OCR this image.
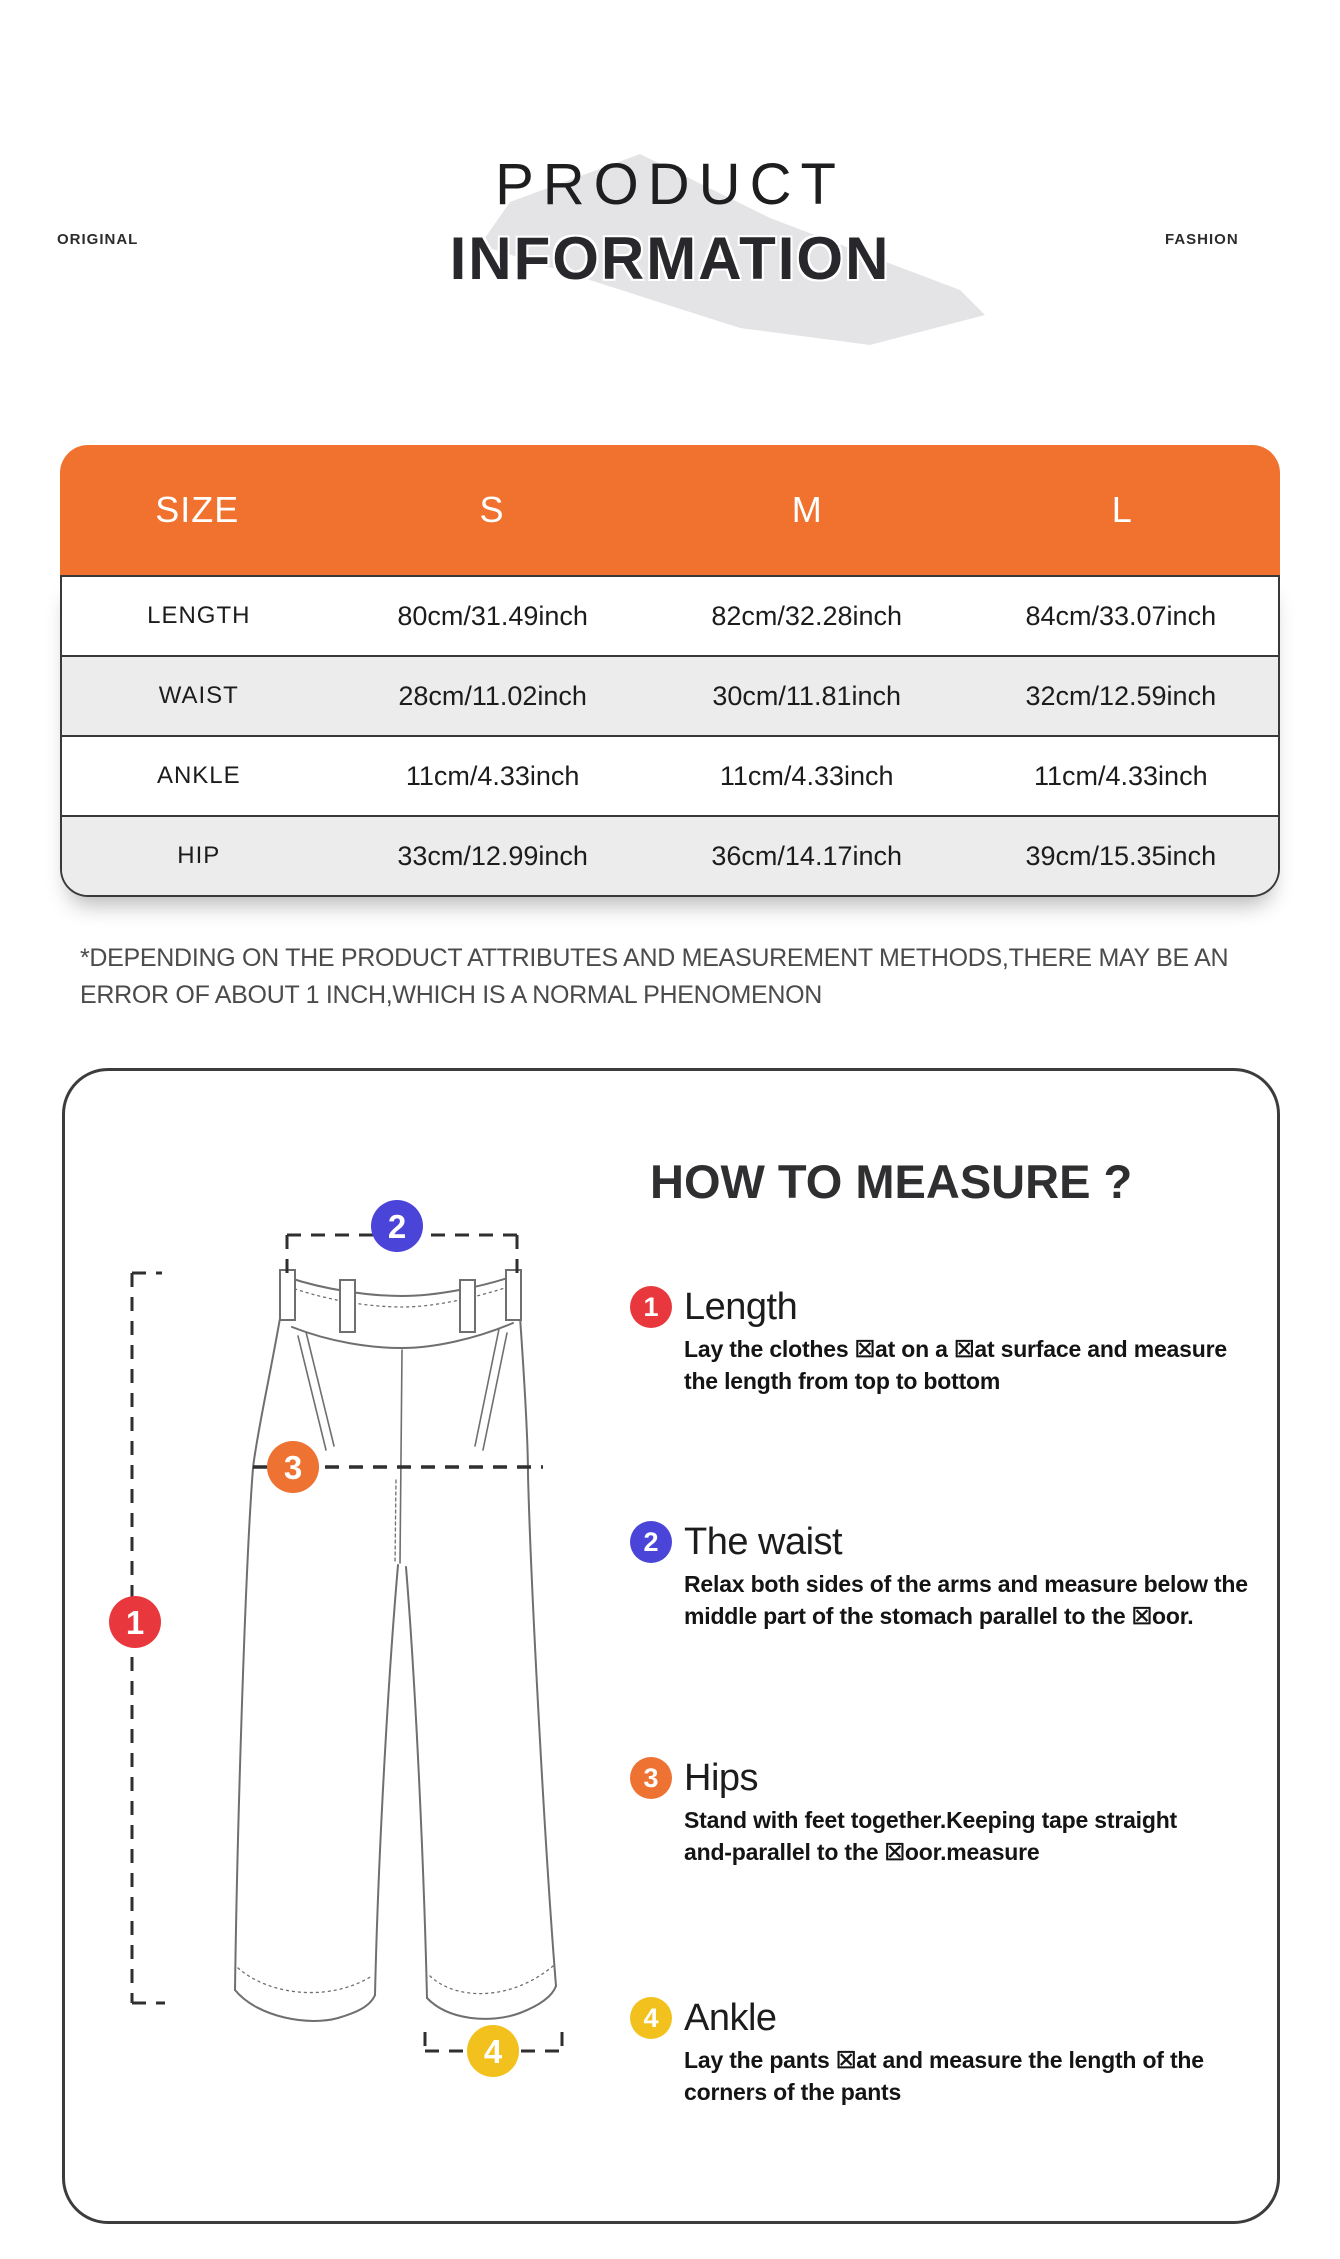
ORIGINAL	FASHION
PRODUCT
INFORMATION
SIZE	S	M	L
LENGTH	80cm/31.49inch	82cm/32.28inch	84cm/33.07inch
WAIST	28cm/11.02inch	30cm/11.81inch	32cm/12.59inch
ANKLE	11cm/4.33inch	11cm/4.33inch	11cm/4.33inch
HIP	33cm/12.99inch	36cm/14.17inch	39cm/15.35inch
*DEPENDING ON THE PRODUCT ATTRIBUTES AND MEASUREMENT METHODS,THERE MAY BE AN
ERROR OF ABOUT 1 INCH,WHICH IS A NORMAL PHENOMENON
1
2
3
4
HOW TO MEASURE ?
1 Length
Lay the clothes ☒at on a ☒at surface and measure
the length from top to bottom
2 The waist
Relax both sides of the arms and measure below the
middle part of the stomach parallel to the ☒oor.
3 Hips
Stand with feet together.Keeping tape straight
and-parallel to the ☒oor.measure
4 Ankle
Lay the pants ☒at and measure the length of the
corners of the pants
